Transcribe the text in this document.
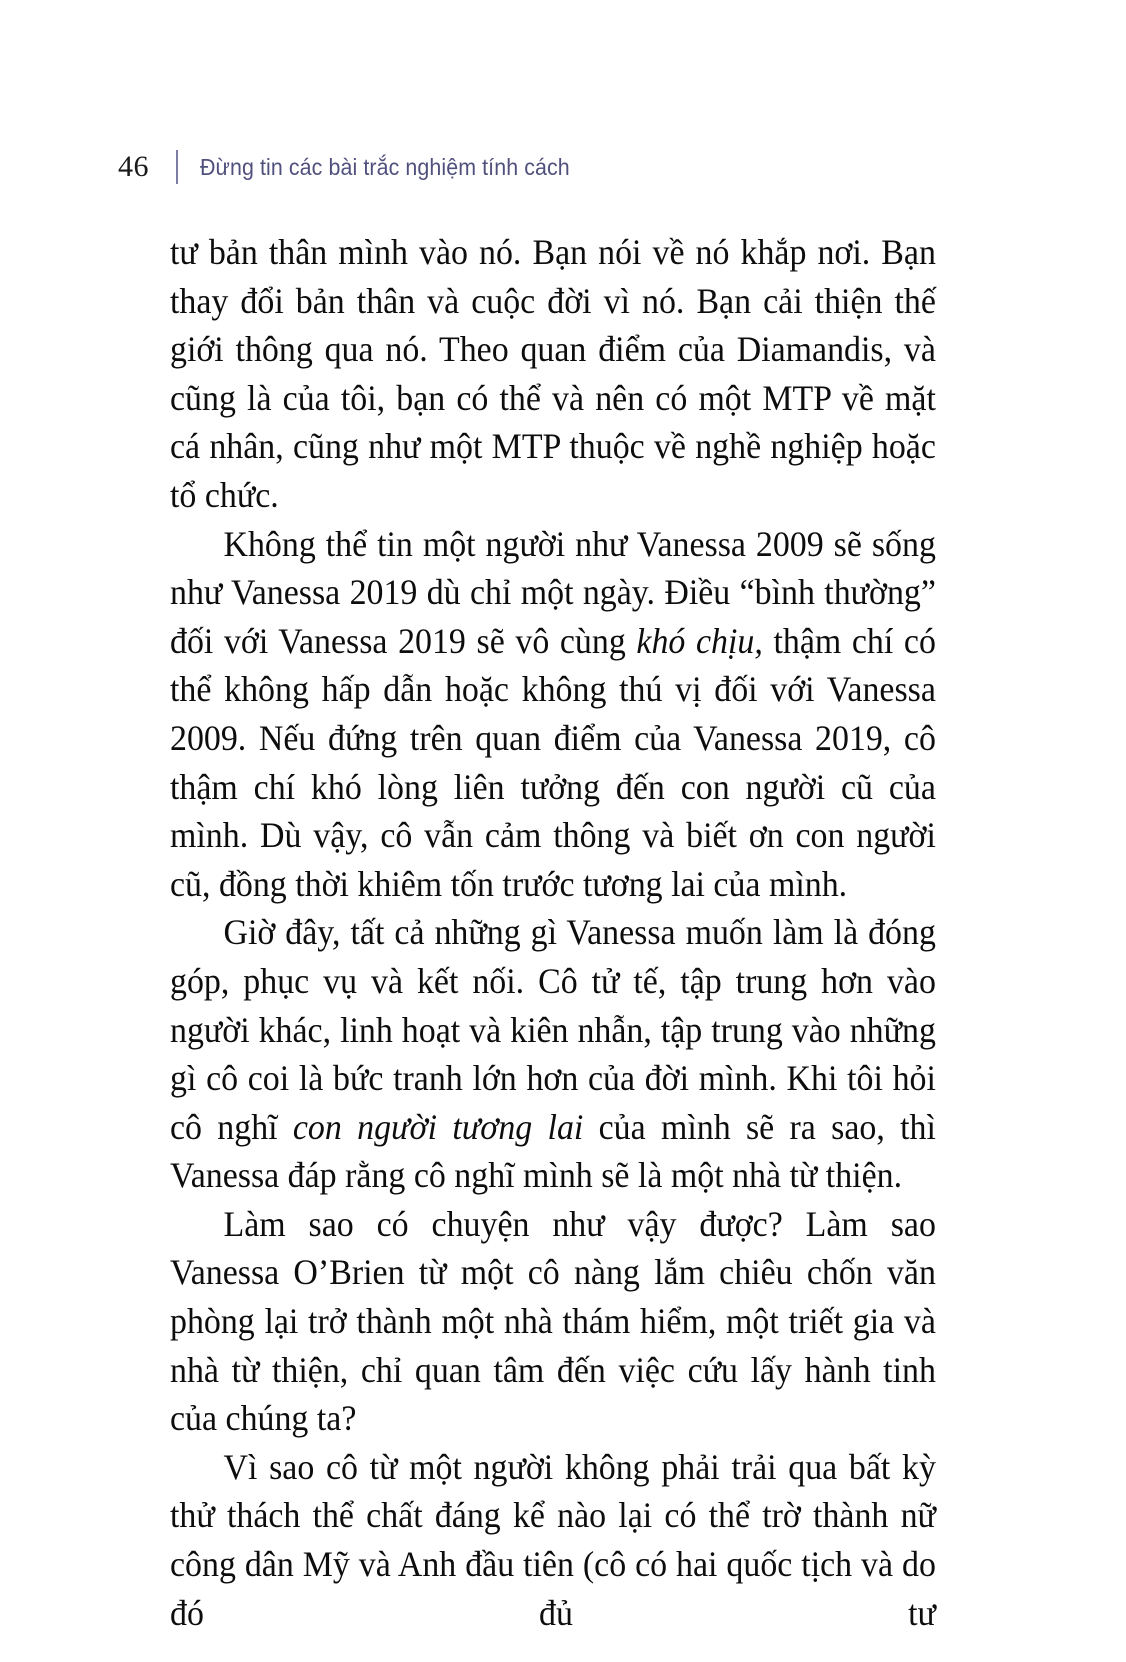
46	Đừng tin các bài trắc nghiệm tính cách

tư bản thân mình vào nó. Bạn nói về nó khắp nơi. Bạn thay đổi bản thân và cuộc đời vì nó. Bạn cải thiện thế giới thông qua nó. Theo quan điểm của Diamandis, và cũng là của tôi, bạn có thể và nên có một MTP về mặt cá nhân, cũng như một MTP thuộc về nghề nghiệp hoặc tổ chức.

Không thể tin một người như Vanessa 2009 sẽ sống như Vanessa 2019 dù chỉ một ngày. Điều “bình thường” đối với Vanessa 2019 sẽ vô cùng khó chịu, thậm chí có thể không hấp dẫn hoặc không thú vị đối với Vanessa 2009. Nếu đứng trên quan điểm của Vanessa 2019, cô thậm chí khó lòng liên tưởng đến con người cũ của mình. Dù vậy, cô vẫn cảm thông và biết ơn con người cũ, đồng thời khiêm tốn trước tương lai của mình.

Giờ đây, tất cả những gì Vanessa muốn làm là đóng góp, phục vụ và kết nối. Cô tử tế, tập trung hơn vào người khác, linh hoạt và kiên nhẫn, tập trung vào những gì cô coi là bức tranh lớn hơn của đời mình. Khi tôi hỏi cô nghĩ con người tương lai của mình sẽ ra sao, thì Vanessa đáp rằng cô nghĩ mình sẽ là một nhà từ thiện.

Làm sao có chuyện như vậy được? Làm sao Vanessa O’Brien từ một cô nàng lắm chiêu chốn văn phòng lại trở thành một nhà thám hiểm, một triết gia và nhà từ thiện, chỉ quan tâm đến việc cứu lấy hành tinh của chúng ta?

Vì sao cô từ một người không phải trải qua bất kỳ thử thách thể chất đáng kể nào lại có thể trờ thành nữ công dân Mỹ và Anh đầu tiên (cô có hai quốc tịch và do đó đủ tư
